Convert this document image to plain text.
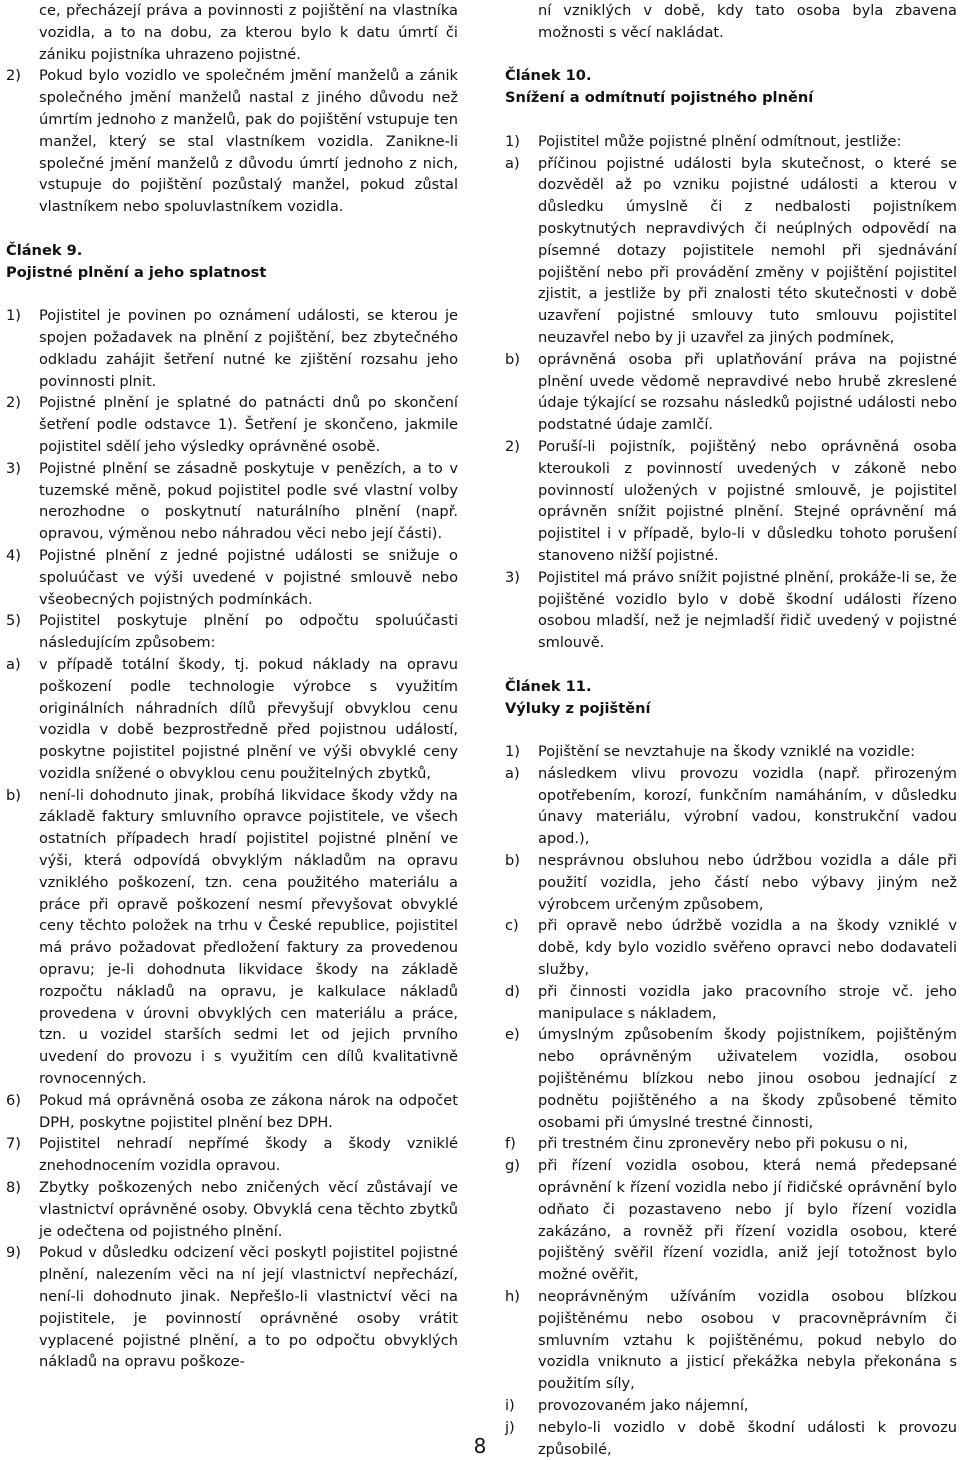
ce, přecházejí práva a povinnosti z pojištění na vlastníka vozidla, a to na dobu, za kterou bylo k datu úmrtí či zániku pojistníka uhrazeno pojistné.
2)	Pokud bylo vozidlo ve společném jmění manželů a zánik společného jmění manželů nastal z jiného důvodu než úmrtím jednoho z manželů, pak do pojištění vstupuje ten manžel, který se stal vlastníkem vozidla. Zanikne-li společné jmění manželů z důvodu úmrtí jednoho z nich, vstupuje do pojištění pozůstalý manžel, pokud zůstal vlastníkem nebo spoluvlastníkem vozidla.
Článek 9.
Pojistné plnění a jeho splatnost
1)	Pojistitel je povinen po oznámení události, se kterou je spojen požadavek na plnění z pojištění, bez zbytečného odkladu zahájit šetření nutné ke zjištění rozsahu jeho povinnosti plnit.
2)	Pojistné plnění je splatné do patnácti dnů po skončení šetření podle odstavce 1). Šetření je skončeno, jakmile pojistitel sdělí jeho výsledky oprávněné osobě.
3)	Pojistné plnění se zásadně poskytuje v penězích, a to v tuzemské měně, pokud pojistitel podle své vlastní volby nerozhodne o poskytnutí naturálního plnění (např. opravou, výměnou nebo náhradou věci nebo její části).
4)	Pojistné plnění z jedné pojistné události se snižuje o spoluúčast ve výši uvedené v pojistné smlouvě nebo všeobecných pojistných podmínkách.
5)	Pojistitel poskytuje plnění po odpočtu spoluúčasti následujícím způsobem:
a)	v případě totální škody, tj. pokud náklady na opravu poškození podle technologie výrobce s využitím originálních náhradních dílů převyšují obvyklou cenu vozidla v době bezprostředně před pojistnou událostí, poskytne pojistitel pojistné plnění ve výši obvyklé ceny vozidla snížené o obvyklou cenu použitelných zbytků,
b)	není-li dohodnuto jinak, probíhá likvidace škody vždy na základě faktury smluvního opravce pojistitele, ve všech ostatních případech hradí pojistitel pojistné plnění ve výši, která odpovídá obvyklým nákladům na opravu vzniklého poškození, tzn. cena použitého materiálu a práce při opravě poškození nesmí převyšovat obvyklé ceny těchto položek na trhu v České republice, pojistitel má právo požadovat předložení faktury za provedenou opravu; je-li dohodnuta likvidace škody na základě rozpočtu nákladů na opravu, je kalkulace nákladů provedena v úrovni obvyklých cen materiálu a práce, tzn. u vozidel starších sedmi let od jejich prvního uvedení do provozu i s využitím cen dílů kvalitativně rovnocenných.
6)	Pokud má oprávněná osoba ze zákona nárok na odpočet DPH, poskytne pojistitel plnění bez DPH.
7)	Pojistitel nehradí nepřímé škody a škody vzniklé znehodnocením vozidla opravou.
8)	Zbytky poškozených nebo zničených věcí zůstávají ve vlastnictví oprávněné osoby. Obvyklá cena těchto zbytků je odečtena od pojistného plnění.
9)	Pokud v důsledku odcizení věci poskytl pojistitel pojistné plnění, nalezením věci na ní její vlastnictví nepřechází, není-li dohodnuto jinak. Nepřešlo-li vlastnictví věci na pojistitele, je povinností oprávněné osoby vrátit vyplacené pojistné plnění, a to po odpočtu obvyklých nákladů na opravu poškoze-
ní vzniklých v době, kdy tato osoba byla zbavena možnosti s věcí nakládat.
Článek 10.
Snížení a odmítnutí pojistného plnění
1)	Pojistitel může pojistné plnění odmítnout, jestliže:
a)	příčinou pojistné události byla skutečnost, o které se dozvěděl až po vzniku pojistné události a kterou v důsledku úmyslně či z nedbalosti pojistníkem poskytnutých nepravdivých či neúplných odpovědí na písemné dotazy pojistitele nemohl při sjednávání pojištění nebo při provádění změny v pojištění pojistitel zjistit, a jestliže by při znalosti této skutečnosti v době uzavření pojistné smlouvy tuto smlouvu pojistitel neuzavřel nebo by ji uzavřel za jiných podmínek,
b)	oprávněná osoba při uplatňování práva na pojistné plnění uvede vědomě nepravdivé nebo hrubě zkreslené údaje týkající se rozsahu následků pojistné události nebo podstatné údaje zamlčí.
2)	Poruší-li pojistník, pojištěný nebo oprávněná osoba kteroukoli z povinností uvedených v zákoně nebo povinností uložených v pojistné smlouvě, je pojistitel oprávněn snížit pojistné plnění. Stejné oprávnění má pojistitel i v případě, bylo-li v důsledku tohoto porušení stanoveno nižší pojistné.
3)	Pojistitel má právo snížit pojistné plnění, prokáže-li se, že pojištěné vozidlo bylo v době škodní události řízeno osobou mladší, než je nejmladší řidič uvedený v pojistné smlouvě.
Článek 11.
Výluky z pojištění
1)	Pojištění se nevztahuje na škody vzniklé na vozidle:
a)	následkem vlivu provozu vozidla (např. přirozeným opotřebením, korozí, funkčním namáháním, v důsledku únavy materiálu, výrobní vadou, konstrukční vadou apod.),
b)	nesprávnou obsluhou nebo údržbou vozidla a dále při použití vozidla, jeho částí nebo výbavy jiným než výrobcem určeným způsobem,
c)	při opravě nebo údržbě vozidla a na škody vzniklé v době, kdy bylo vozidlo svěřeno opravci nebo dodavateli služby,
d)	při činnosti vozidla jako pracovního stroje vč. jeho manipulace s nákladem,
e)	úmyslným způsobením škody pojistníkem, pojištěným nebo oprávněným uživatelem vozidla, osobou pojištěnému blízkou nebo jinou osobou jednající z podnětu pojištěného a na škody způsobené těmito osobami při úmyslné trestné činnosti,
f)	při trestném činu zpronevěry nebo při pokusu o ni,
g)	při řízení vozidla osobou, která nemá předepsané oprávnění k řízení vozidla nebo jí řidičské oprávnění bylo odňato či pozastaveno nebo jí bylo řízení vozidla zakázáno, a rovněž při řízení vozidla osobou, které pojištěný svěřil řízení vozidla, aniž její totožnost bylo možné ověřit,
h)	neoprávněným užíváním vozidla osobou blízkou pojištěnému nebo osobou v pracovněprávním či smluvním vztahu k pojištěnému, pokud nebylo do vozidla vniknuto a jisticí překážka nebyla překonána s použitím síly,
i)	provozovaném jako nájemní,
j)	nebylo-li vozidlo v době škodní události k provozu způsobilé,
8
